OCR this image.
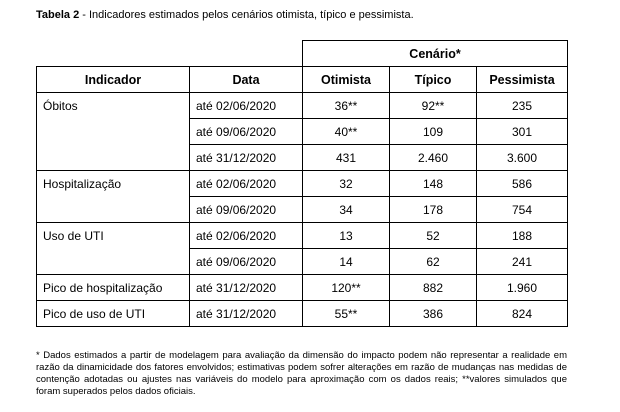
Tabela 2 - Indicadores estimados pelos cenários otimista, típico e pessimista.
		Cenário*		
Indicador	Data	Otimista	Típico	Pessimista
Óbitos	até 02/06/2020	36**	92**	235
	até 09/06/2020	40**	109	301
	até 31/12/2020	431	2.460	3.600
Hospitalização	até 02/06/2020	32	148	586
	até 09/06/2020	34	178	754
Uso de UTI	até 02/06/2020	13	52	188
	até 09/06/2020	14	62	241
Pico de hospitalização	até 31/12/2020	120**	882	1.960
Pico de uso de UTI	até 31/12/2020	55**	386	824
* Dados estimados a partir de modelagem para avaliação da dimensão do impacto podem não representar a realidade em razão da dinamicidade dos fatores envolvidos; estimativas podem sofrer alterações em razão de mudanças nas medidas de contenção adotadas ou ajustes nas variáveis do modelo para aproximação com os dados reais; **valores simulados que foram superados pelos dados oficiais.
